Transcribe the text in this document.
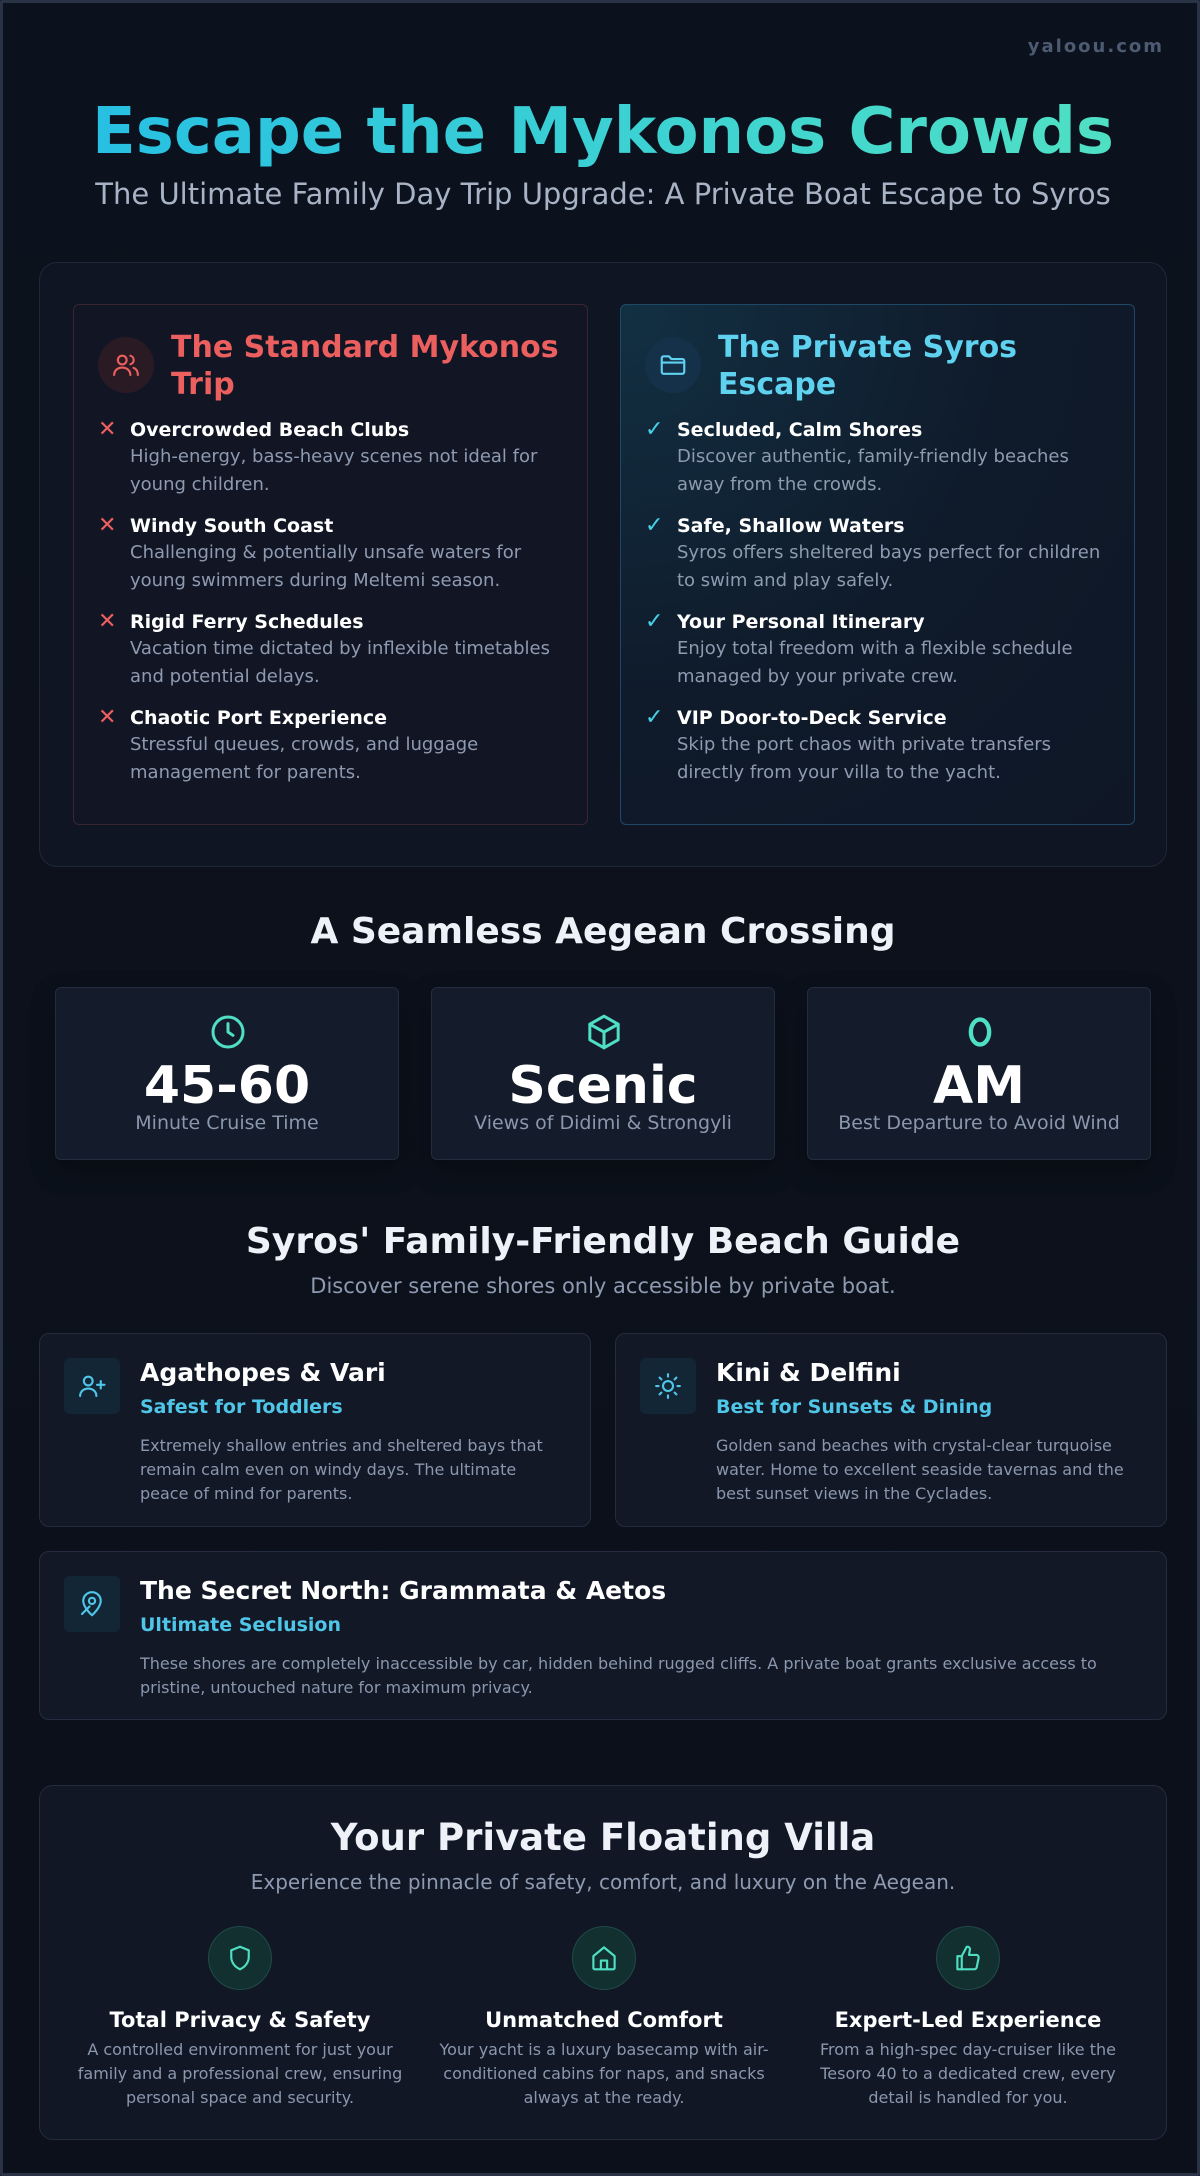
yaloou.com
Escape the Mykonos Crowds
The Ultimate Family Day Trip Upgrade: A Private Boat Escape to Syros
The Standard Mykonos Trip
✕ Overcrowded Beach Clubs
High-energy, bass-heavy scenes not ideal for young children.
✕ Windy South Coast
Challenging & potentially unsafe waters for young swimmers during Meltemi season.
✕ Rigid Ferry Schedules
Vacation time dictated by inflexible timetables and potential delays.
✕ Chaotic Port Experience
Stressful queues, crowds, and luggage management for parents.
The Private Syros Escape
✓ Secluded, Calm Shores
Discover authentic, family-friendly beaches away from the crowds.
✓ Safe, Shallow Waters
Syros offers sheltered bays perfect for children to swim and play safely.
✓ Your Personal Itinerary
Enjoy total freedom with a flexible schedule managed by your private crew.
✓ VIP Door-to-Deck Service
Skip the port chaos with private transfers directly from your villa to the yacht.
A Seamless Aegean Crossing
45-60
Minute Cruise Time
Scenic
Views of Didimi & Strongyli
AM
Best Departure to Avoid Wind
Syros' Family-Friendly Beach Guide
Discover serene shores only accessible by private boat.
Agathopes & Vari
Safest for Toddlers
Extremely shallow entries and sheltered bays that remain calm even on windy days. The ultimate peace of mind for parents.
Kini & Delfini
Best for Sunsets & Dining
Golden sand beaches with crystal-clear turquoise water. Home to excellent seaside tavernas and the best sunset views in the Cyclades.
The Secret North: Grammata & Aetos
Ultimate Seclusion
These shores are completely inaccessible by car, hidden behind rugged cliffs. A private boat grants exclusive access to pristine, untouched nature for maximum privacy.
Your Private Floating Villa
Experience the pinnacle of safety, comfort, and luxury on the Aegean.
Total Privacy & Safety
A controlled environment for just your family and a professional crew, ensuring personal space and security.
Unmatched Comfort
Your yacht is a luxury basecamp with air-conditioned cabins for naps, and snacks always at the ready.
Expert-Led Experience
From a high-spec day-cruiser like the Tesoro 40 to a dedicated crew, every detail is handled for you.
